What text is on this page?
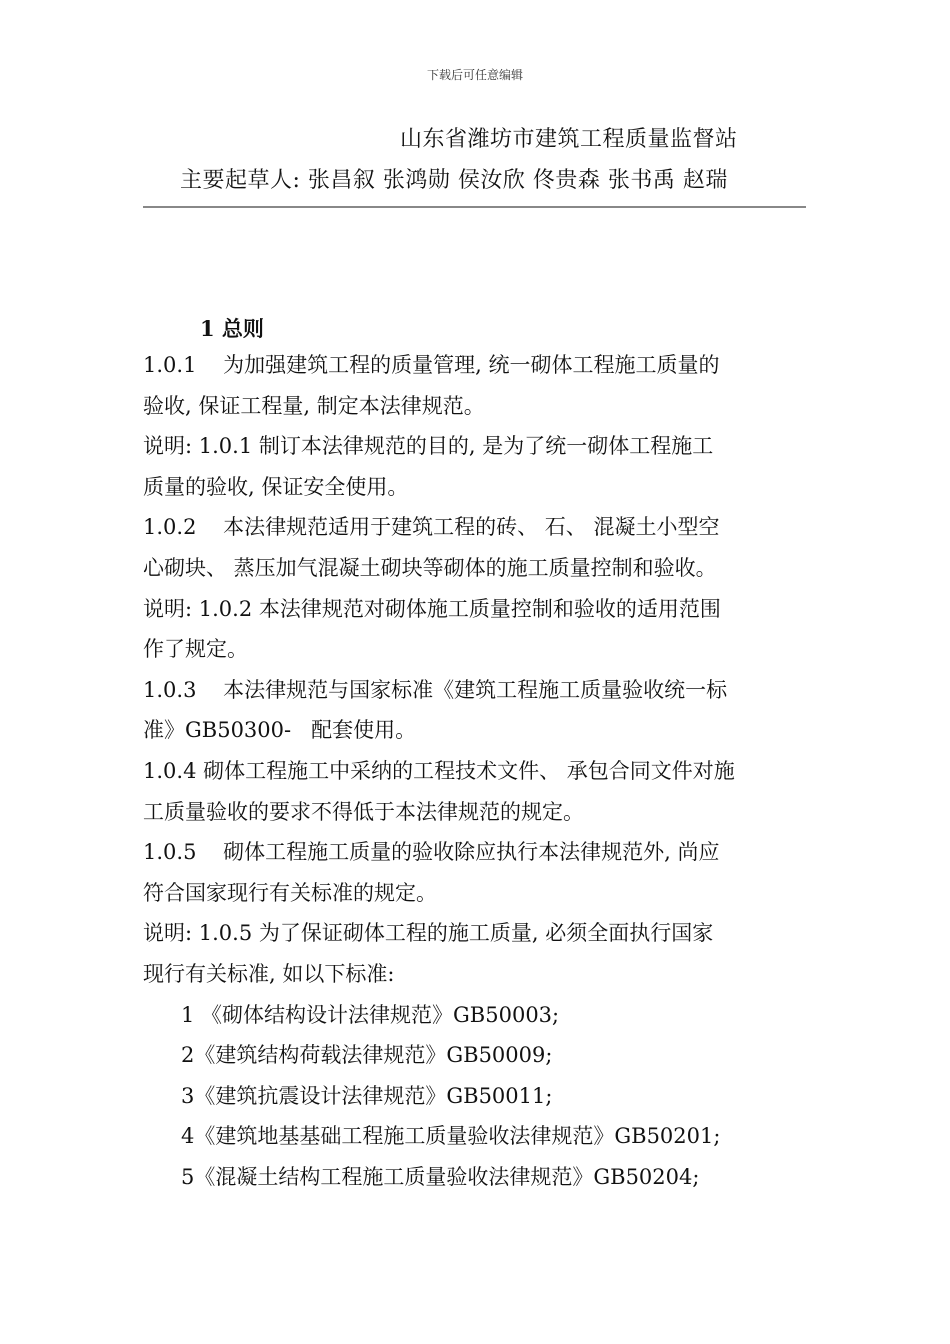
下载后可任意编辑
山东省潍坊市建筑工程质量监督站
主要起草人: 张昌叙 张鸿勋 侯汝欣 佟贵森 张书禹 赵瑞
1 总则
1.0.1    为加强建筑工程的质量管理, 统一砌体工程施工质量的
验收, 保证工程量, 制定本法律规范。
说明: 1.0.1 制订本法律规范的目的, 是为了统一砌体工程施工
质量的验收, 保证安全使用。
1.0.2    本法律规范适用于建筑工程的砖、 石、 混凝土小型空
心砌块、 蒸压加气混凝土砌块等砌体的施工质量控制和验收。
说明: 1.0.2 本法律规范对砌体施工质量控制和验收的适用范围
作了规定。
1.0.3    本法律规范与国家标准《建筑工程施工质量验收统一标
准》GB50300-   配套使用。
1.0.4 砌体工程施工中采纳的工程技术文件、 承包合同文件对施
工质量验收的要求不得低于本法律规范的规定。
1.0.5    砌体工程施工质量的验收除应执行本法律规范外, 尚应
符合国家现行有关标准的规定。
说明: 1.0.5 为了保证砌体工程的施工质量, 必须全面执行国家
现行有关标准, 如以下标准:
1 《砌体结构设计法律规范》GB50003;
2《建筑结构荷载法律规范》GB50009;
3《建筑抗震设计法律规范》GB50011;
4《建筑地基基础工程施工质量验收法律规范》GB50201;
5《混凝土结构工程施工质量验收法律规范》GB50204;
